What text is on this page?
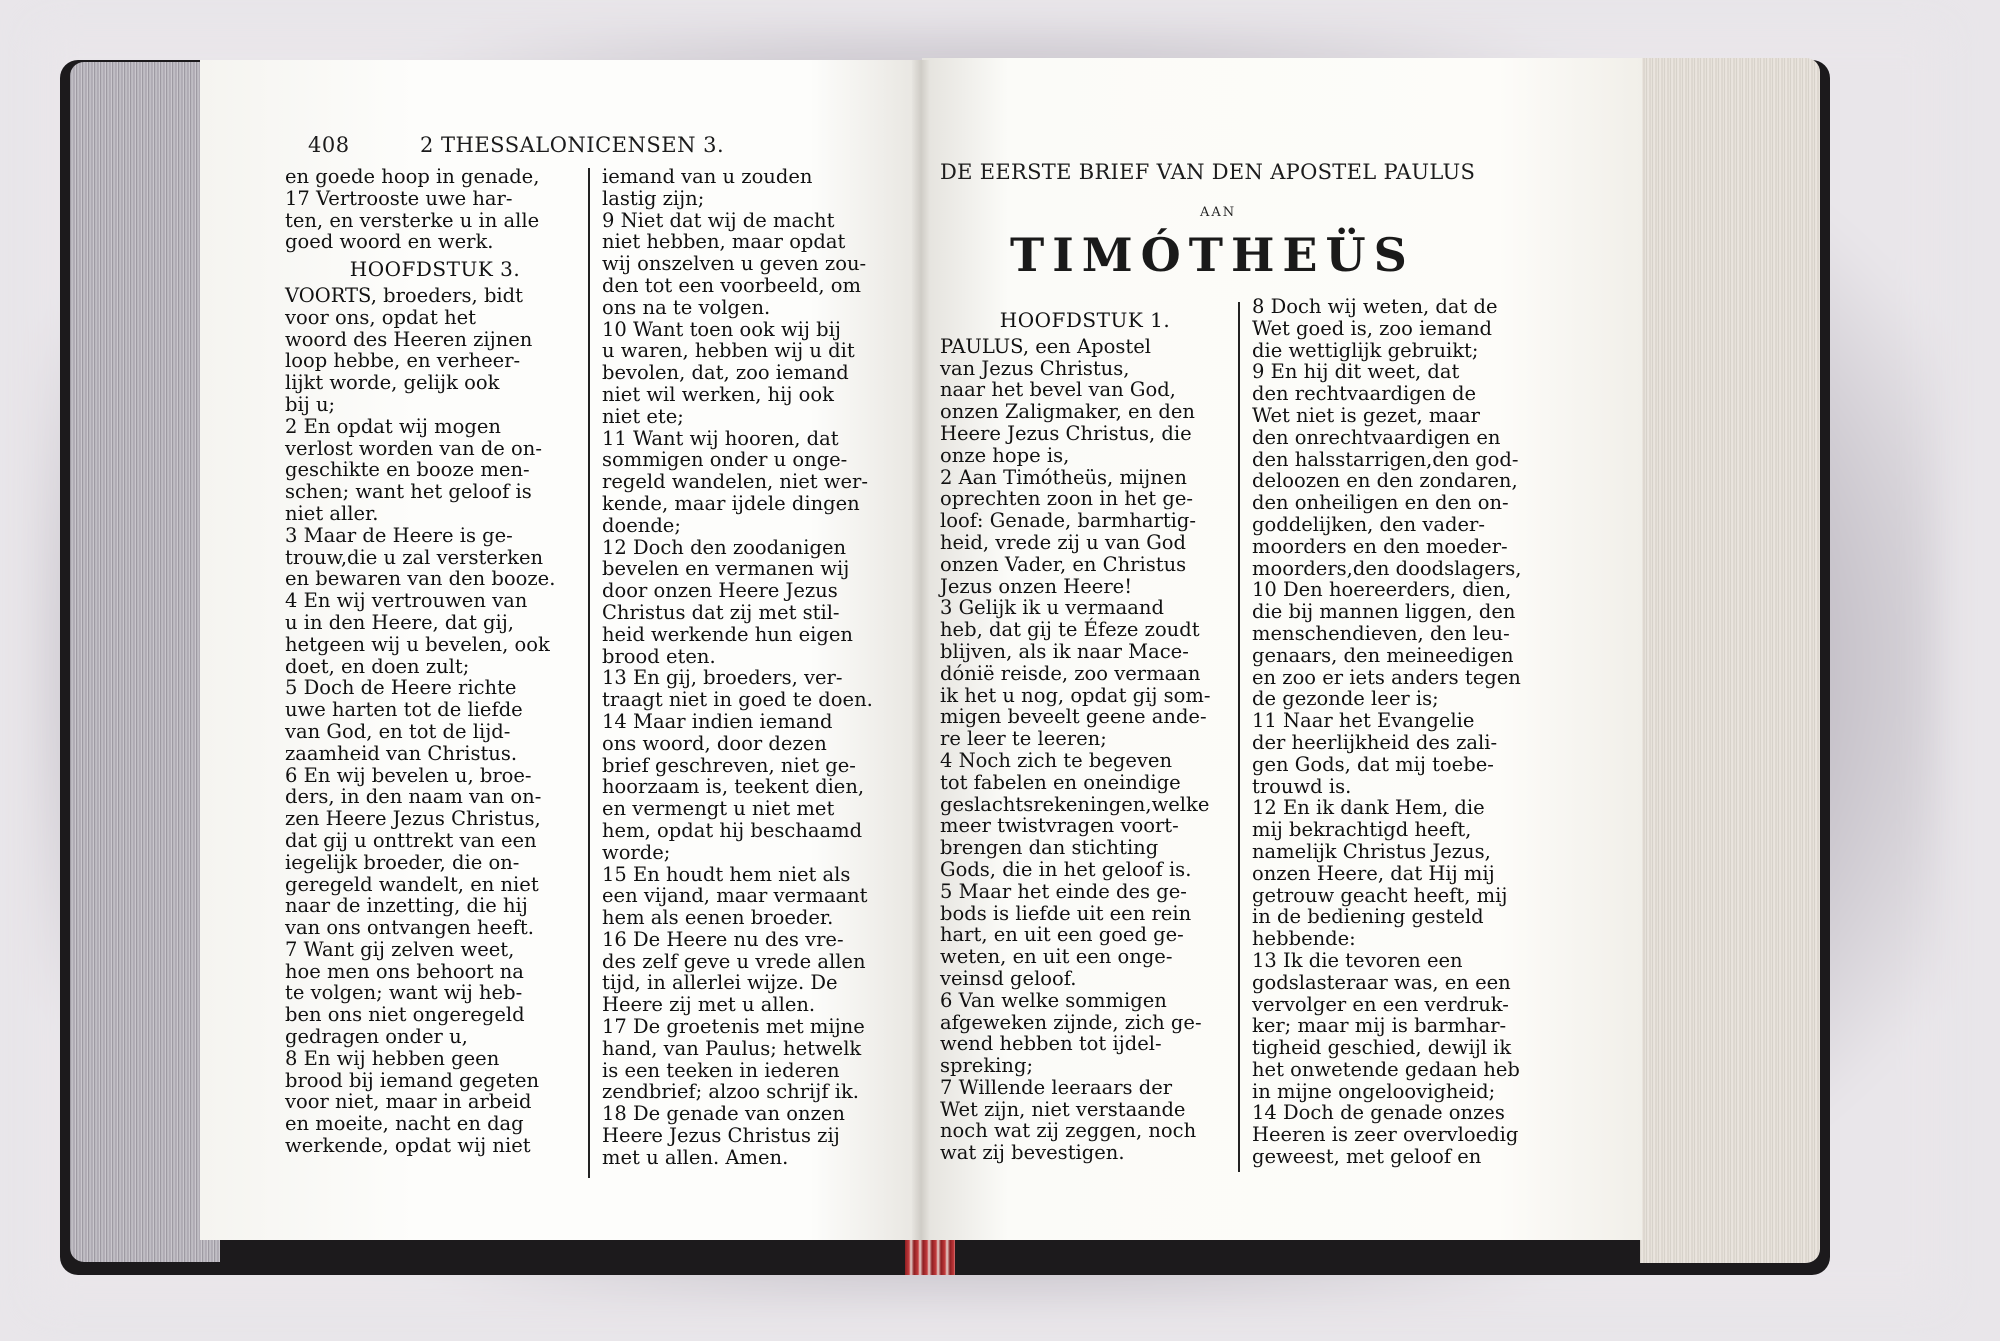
408	2 THESSALONICENSEN 3.
en goede hoop in genade,
17 Vertrooste uwe har-
ten, en versterke u in alle
goed woord en werk.
HOOFDSTUK 3.
VOORTS, broeders, bidt
voor ons, opdat het
woord des Heeren zijnen
loop hebbe, en verheer-
lijkt worde, gelijk ook
bij u;
2 En opdat wij mogen
verlost worden van de on-
geschikte en booze men-
schen; want het geloof is
niet aller.
3 Maar de Heere is ge-
trouw,die u zal versterken
en bewaren van den booze.
4 En wij vertrouwen van
u in den Heere, dat gij,
hetgeen wij u bevelen, ook
doet, en doen zult;
5 Doch de Heere richte
uwe harten tot de liefde
van God, en tot de lijd-
zaamheid van Christus.
6 En wij bevelen u, broe-
ders, in den naam van on-
zen Heere Jezus Christus,
dat gij u onttrekt van een
iegelijk broeder, die on-
geregeld wandelt, en niet
naar de inzetting, die hij
van ons ontvangen heeft.
7 Want gij zelven weet,
hoe men ons behoort na
te volgen; want wij heb-
ben ons niet ongeregeld
gedragen onder u,
8 En wij hebben geen
brood bij iemand gegeten
voor niet, maar in arbeid
en moeite, nacht en dag
werkende, opdat wij niet
iemand van u zouden
lastig zijn;
9 Niet dat wij de macht
niet hebben, maar opdat
wij onszelven u geven zou-
den tot een voorbeeld, om
ons na te volgen.
10 Want toen ook wij bij
u waren, hebben wij u dit
bevolen, dat, zoo iemand
niet wil werken, hij ook
niet ete;
11 Want wij hooren, dat
sommigen onder u onge-
regeld wandelen, niet wer-
kende, maar ijdele dingen
doende;
12 Doch den zoodanigen
bevelen en vermanen wij
door onzen Heere Jezus
Christus dat zij met stil-
heid werkende hun eigen
brood eten.
13 En gij, broeders, ver-
traagt niet in goed te doen.
14 Maar indien iemand
ons woord, door dezen
brief geschreven, niet ge-
hoorzaam is, teekent dien,
en vermengt u niet met
hem, opdat hij beschaamd
worde;
15 En houdt hem niet als
een vijand, maar vermaant
hem als eenen broeder.
16 De Heere nu des vre-
des zelf geve u vrede allen
tijd, in allerlei wijze. De
Heere zij met u allen.
17 De groetenis met mijne
hand, van Paulus; hetwelk
is een teeken in iederen
zendbrief; alzoo schrijf ik.
18 De genade van onzen
Heere Jezus Christus zij
met u allen. Amen.
DE EERSTE BRIEF VAN DEN APOSTEL PAULUS
AAN
TIMÓTHEÜS
HOOFDSTUK 1.
PAULUS, een Apostel
van Jezus Christus,
naar het bevel van God,
onzen Zaligmaker, en den
Heere Jezus Christus, die
onze hope is,
2 Aan Timótheüs, mijnen
oprechten zoon in het ge-
loof: Genade, barmhartig-
heid, vrede zij u van God
onzen Vader, en Christus
Jezus onzen Heere!
3 Gelijk ik u vermaand
heb, dat gij te Éfeze zoudt
blijven, als ik naar Mace-
dónië reisde, zoo vermaan
ik het u nog, opdat gij som-
migen beveelt geene ande-
re leer te leeren;
4 Noch zich te begeven
tot fabelen en oneindige
geslachtsrekeningen,welke
meer twistvragen voort-
brengen dan stichting
Gods, die in het geloof is.
5 Maar het einde des ge-
bods is liefde uit een rein
hart, en uit een goed ge-
weten, en uit een onge-
veinsd geloof.
6 Van welke sommigen
afgeweken zijnde, zich ge-
wend hebben tot ijdel-
spreking;
7 Willende leeraars der
Wet zijn, niet verstaande
noch wat zij zeggen, noch
wat zij bevestigen.
8 Doch wij weten, dat de
Wet goed is, zoo iemand
die wettiglijk gebruikt;
9 En hij dit weet, dat
den rechtvaardigen de
Wet niet is gezet, maar
den onrechtvaardigen en
den halsstarrigen,den god-
deloozen en den zondaren,
den onheiligen en den on-
goddelijken, den vader-
moorders en den moeder-
moorders,den doodslagers,
10 Den hoereerders, dien,
die bij mannen liggen, den
menschendieven, den leu-
genaars, den meineedigen
en zoo er iets anders tegen
de gezonde leer is;
11 Naar het Evangelie
der heerlijkheid des zali-
gen Gods, dat mij toebe-
trouwd is.
12 En ik dank Hem, die
mij bekrachtigd heeft,
namelijk Christus Jezus,
onzen Heere, dat Hij mij
getrouw geacht heeft, mij
in de bediening gesteld
hebbende:
13 Ik die tevoren een
godslasteraar was, en een
vervolger en een verdruk-
ker; maar mij is barmhar-
tigheid geschied, dewijl ik
het onwetende gedaan heb
in mijne ongeloovigheid;
14 Doch de genade onzes
Heeren is zeer overvloedig
geweest, met geloof en
